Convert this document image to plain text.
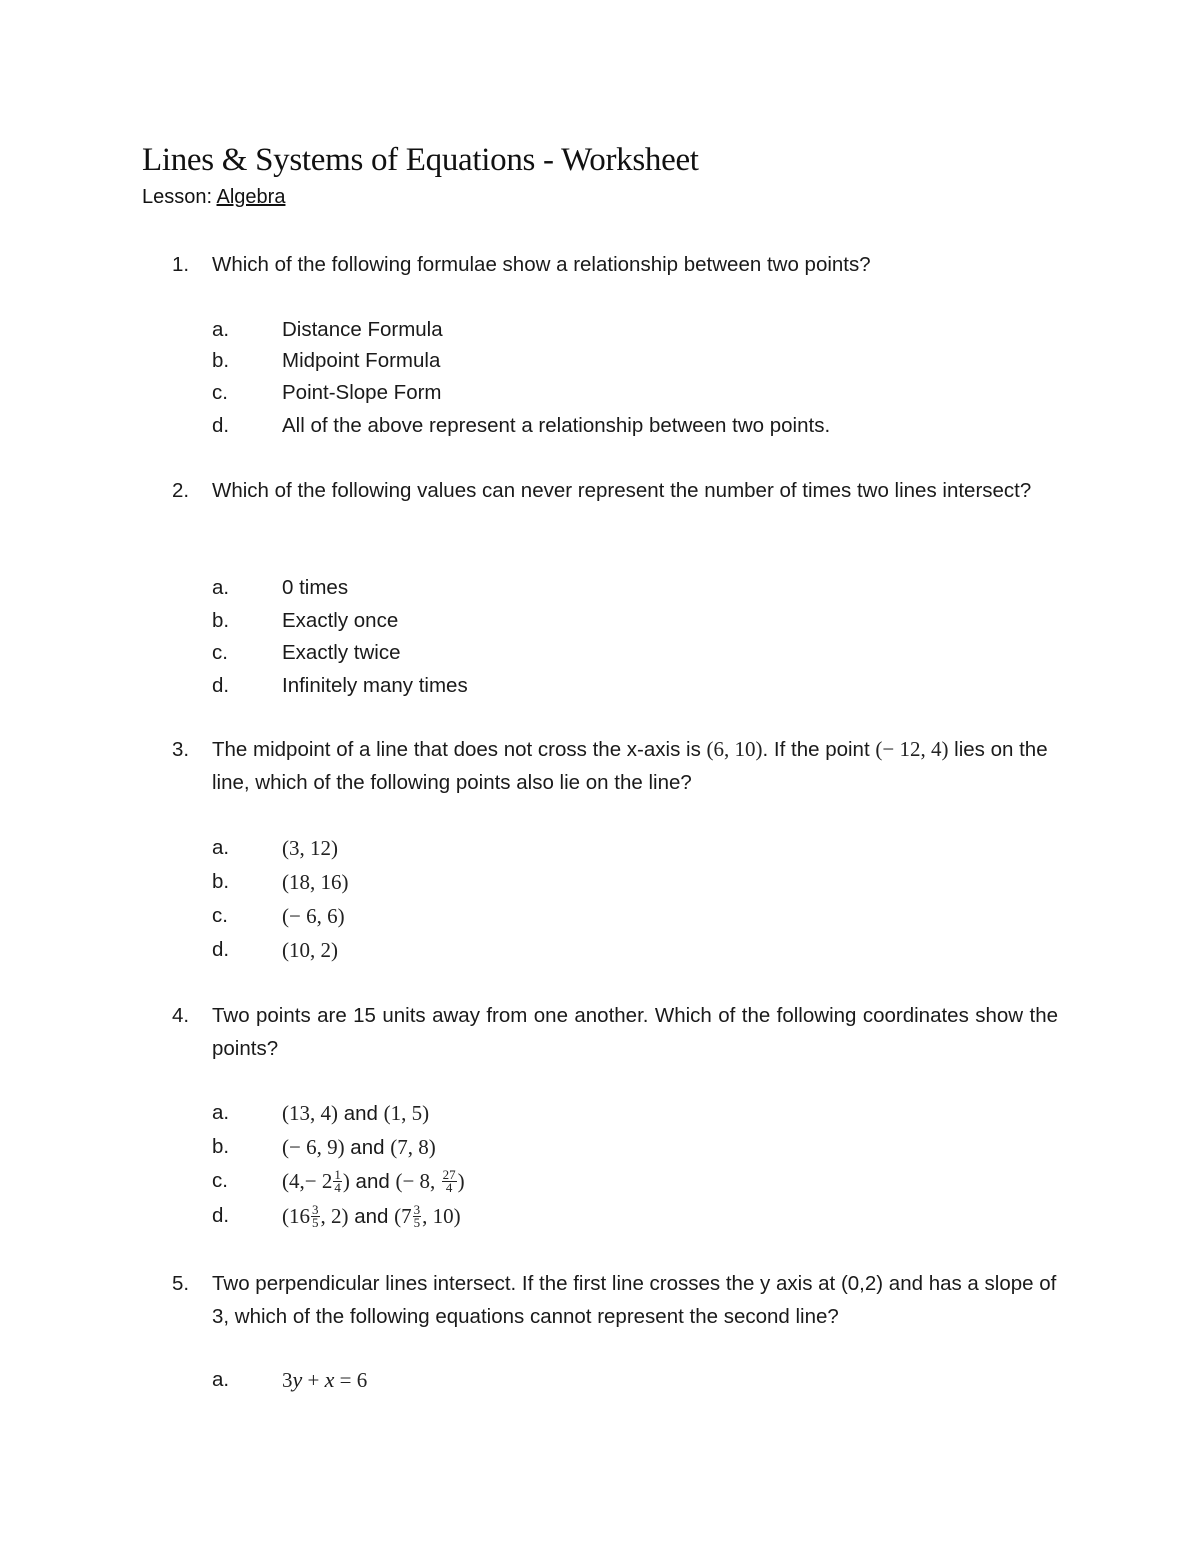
Lines & Systems of Equations - Worksheet
Lesson: Algebra
1. Which of the following formulae show a relationship between two points?
a.	Distance Formula
b.	Midpoint Formula
c.	Point-Slope Form
d.	All of the above represent a relationship between two points.
2. Which of the following values can never represent the number of times two lines intersect?
a.	0 times
b.	Exactly once
c.	Exactly twice
d.	Infinitely many times
3. The midpoint of a line that does not cross the x-axis is (6, 10). If the point (− 12, 4) lies on the line, which of the following points also lie on the line?
a.	(3, 12)
b.	(18, 16)
c.	(− 6, 6)
d.	(10, 2)
4. Two points are 15 units away from one another. Which of the following coordinates show the points?
a.	(13, 4) and (1, 5)
b.	(− 6, 9) and (7, 8)
c.	($4,- 2 \frac{1}{4}$ ) and (− 8, $\frac{27}{4}$ )
d.	($16 \frac{3}{5}$ , 2) and ($7 \frac{3}{5}$ , 10)
5. Two perpendicular lines intersect. If the first line crosses the y axis at (0,2) and has a slope of 3, which of the following equations cannot represent the second line?
a.	3y + x = 6
